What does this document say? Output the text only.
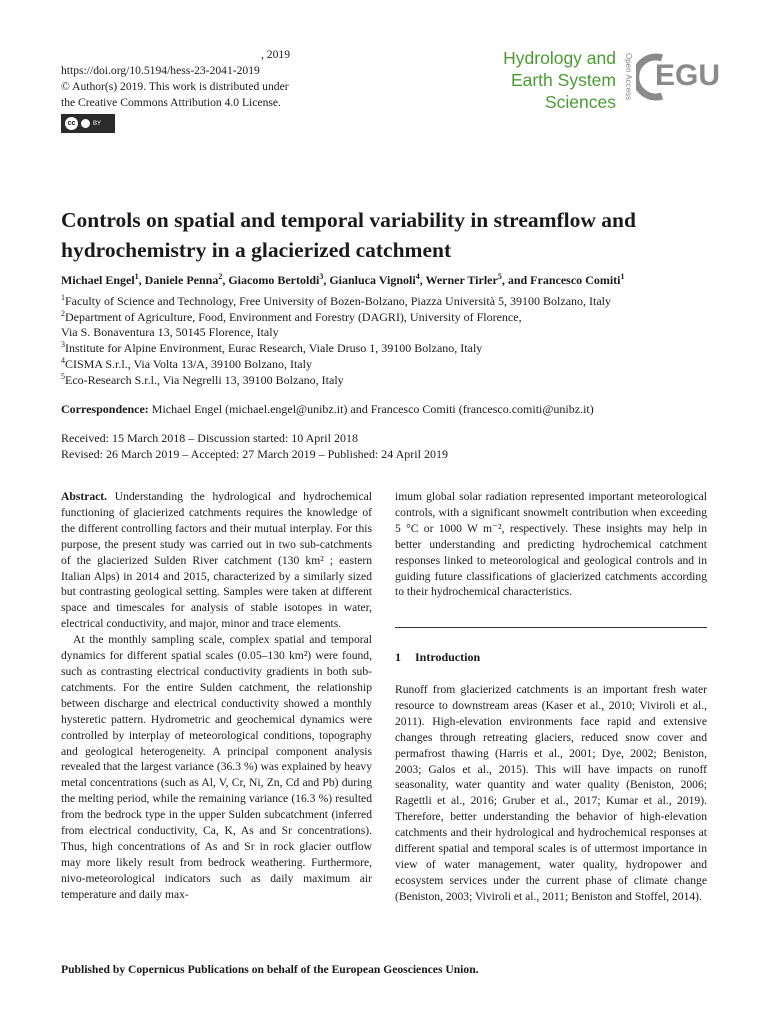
, 2019
https://doi.org/10.5194/hess-23-2041-2019
© Author(s) 2019. This work is distributed under
the Creative Commons Attribution 4.0 License.
cc	BY
Hydrology and
Earth System
Sciences
Open Access EGU
Controls on spatial and temporal variability in streamflow and hydrochemistry in a glacierized catchment
Michael Engel$^1$, Daniele Penna$^2$, Giacomo Bertoldi$^3$, Gianluca Vignoli$^4$, Werner Tirler$^5$, and Francesco Comiti$^1$
$^1$Faculty of Science and Technology, Free University of Bozen-Bolzano, Piazza Università 5, 39100 Bolzano, Italy
$^2$Department of Agriculture, Food, Environment and Forestry (DAGRI), University of Florence,
Via S. Bonaventura 13, 50145 Florence, Italy
$^3$Institute for Alpine Environment, Eurac Research, Viale Druso 1, 39100 Bolzano, Italy
$^4$CISMA S.r.l., Via Volta 13/A, 39100 Bolzano, Italy
$^5$Eco-Research S.r.l., Via Negrelli 13, 39100 Bolzano, Italy
Correspondence: Michael Engel (michael.engel@unibz.it) and Francesco Comiti (francesco.comiti@unibz.it)
Received: 15 March 2018 – Discussion started: 10 April 2018
Revised: 26 March 2019 – Accepted: 27 March 2019 – Published: 24 April 2019

Abstract. Understanding the hydrological and hydrochemical functioning of glacierized catchments requires the knowledge of the different controlling factors and their mutual interplay. For this purpose, the present study was carried out in two sub-catchments of the glacierized Sulden River catchment (130 km² ; eastern Italian Alps) in 2014 and 2015, characterized by a similarly sized but contrasting geological setting. Samples were taken at different space and timescales for analysis of stable isotopes in water, electrical conductivity, and major, minor and trace elements.

At the monthly sampling scale, complex spatial and temporal dynamics for different spatial scales (0.05–130 km²) were found, such as contrasting electrical conductivity gradients in both sub-catchments. For the entire Sulden catchment, the relationship between discharge and electrical conductivity showed a monthly hysteretic pattern. Hydrometric and geochemical dynamics were controlled by interplay of meteorological conditions, topography and geological heterogeneity. A principal component analysis revealed that the largest variance (36.3 %) was explained by heavy metal concentrations (such as Al, V, Cr, Ni, Zn, Cd and Pb) during the melting period, while the remaining variance (16.3 %) resulted from the bedrock type in the upper Sulden subcatchment (inferred from electrical conductivity, Ca, K, As and Sr concentrations). Thus, high concentrations of As and Sr in rock glacier outflow may more likely result from bedrock weathering. Furthermore, nivo-meteorological indicators such as daily maximum air temperature and daily max-

imum global solar radiation represented important meteorological controls, with a significant snowmelt contribution when exceeding 5 °C or 1000 W m⁻², respectively. These insights may help in better understanding and predicting hydrochemical catchment responses linked to meteorological and geological controls and in guiding future classifications of glacierized catchments according to their hydrochemical characteristics.

1 Introduction
Runoff from glacierized catchments is an important fresh water resource to downstream areas (Kaser et al., 2010; Viviroli et al., 2011). High-elevation environments face rapid and extensive changes through retreating glaciers, reduced snow cover and permafrost thawing (Harris et al., 2001; Dye, 2002; Beniston, 2003; Galos et al., 2015). This will have impacts on runoff seasonality, water quantity and water quality (Beniston, 2006; Ragettli et al., 2016; Gruber et al., 2017; Kumar et al., 2019). Therefore, better understanding the behavior of high-elevation catchments and their hydrological and hydrochemical responses at different spatial and temporal scales is of uttermost importance in view of water management, water quality, hydropower and ecosystem services under the current phase of climate change (Beniston, 2003; Viviroli et al., 2011; Beniston and Stoffel, 2014).
Published by Copernicus Publications on behalf of the European Geosciences Union.
